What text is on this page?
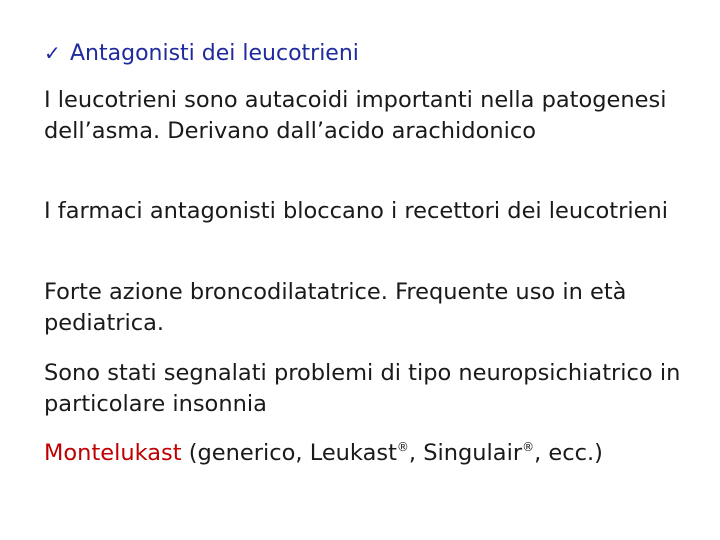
✓ Antagonisti dei leucotrieni
I leucotrieni sono autacoidi importanti nella patogenesi dell’asma. Derivano dall’acido arachidonico
I farmaci antagonisti bloccano i recettori dei leucotrieni
Forte azione broncodilatatrice. Frequente uso in età pediatrica.
Sono stati segnalati problemi di tipo neuropsichiatrico in particolare insonnia
Montelukast (generico, Leukast®, Singulair®, ecc.)
